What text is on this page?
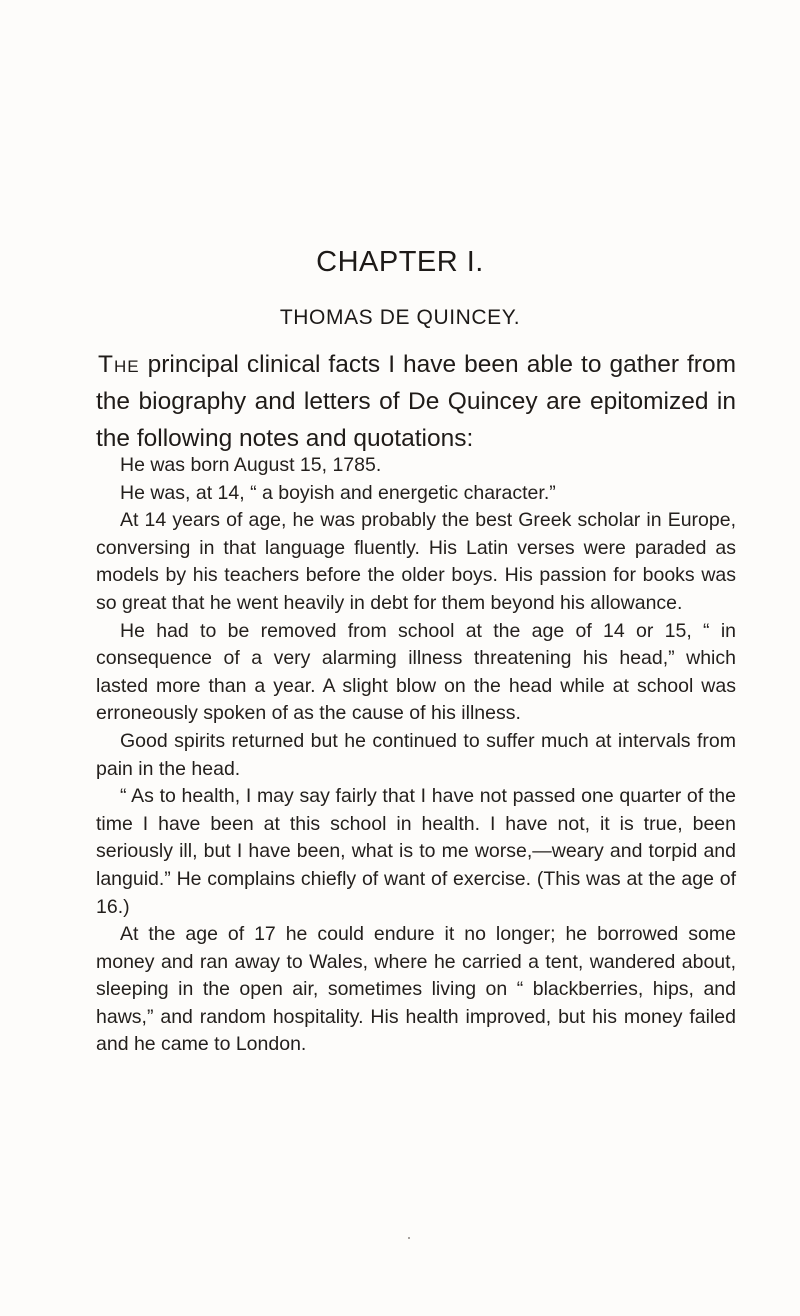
CHAPTER I.
THOMAS DE QUINCEY.

The principal clinical facts I have been able to gather from the biography and letters of De Quincey are epitomized in the following notes and quotations:

He was born August 15, 1785.

He was, at 14, “ a boyish and energetic character.”

At 14 years of age, he was probably the best Greek scholar in Europe, conversing in that language fluently. His Latin verses were paraded as models by his teachers before the older boys. His passion for books was so great that he went heavily in debt for them beyond his allowance.

He had to be removed from school at the age of 14 or 15, “ in consequence of a very alarming illness threatening his head,” which lasted more than a year. A slight blow on the head while at school was erroneously spoken of as the cause of his illness.

Good spirits returned but he continued to suffer much at intervals from pain in the head.

“ As to health, I may say fairly that I have not passed one quarter of the time I have been at this school in health. I have not, it is true, been seriously ill, but I have been, what is to me worse,—weary and torpid and languid.” He complains chiefly of want of exercise. (This was at the age of 16.)

At the age of 17 he could endure it no longer; he borrowed some money and ran away to Wales, where he carried a tent, wandered about, sleeping in the open air, sometimes living on “ blackberries, hips, and haws,” and random hospitality. His health improved, but his money failed and he came to London.
